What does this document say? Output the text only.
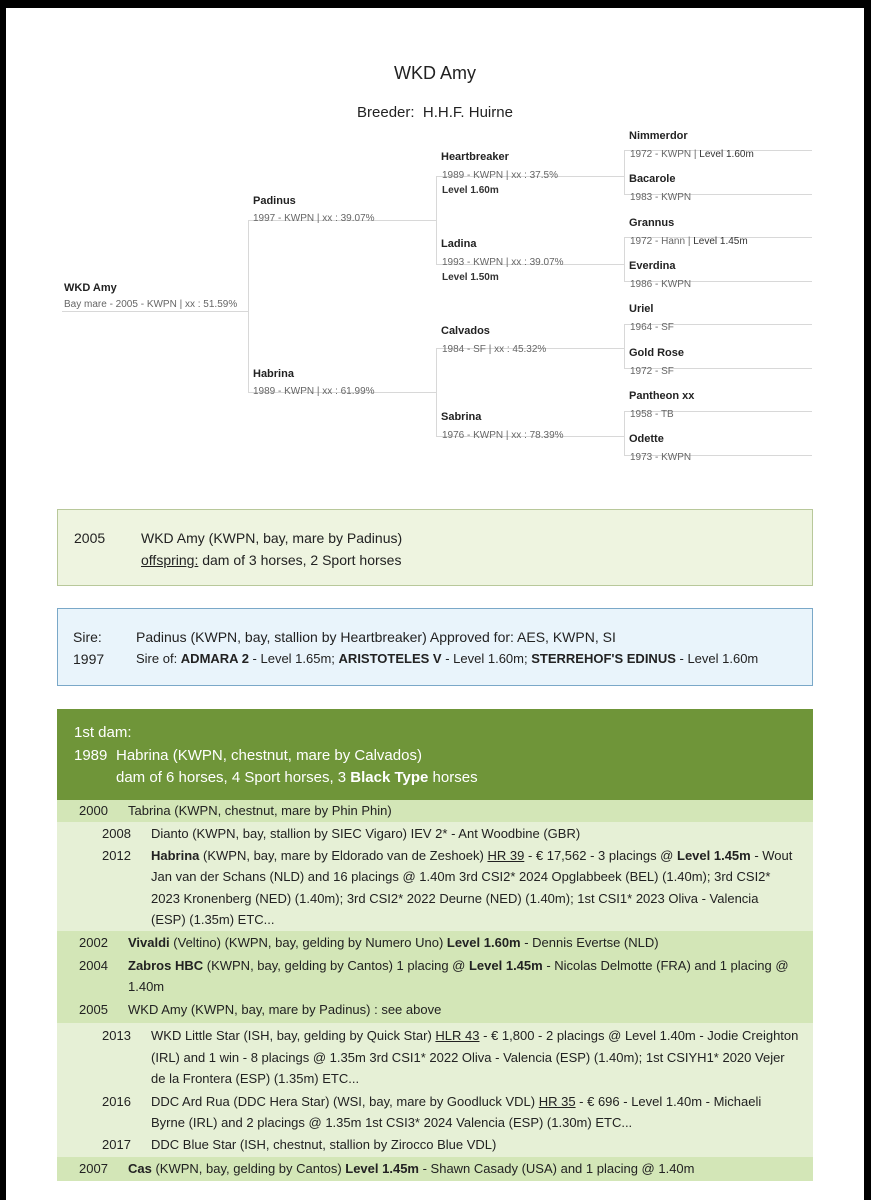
WKD Amy
Breeder: H.H.F. Huirne
WKD Amy
Bay mare - 2005 - KWPN | xx : 51.59%
Padinus
1997 - KWPN | xx : 39.07%
Habrina
1989 - KWPN | xx : 61.99%
Heartbreaker
1989 - KWPN | xx : 37.5%
Level 1.60m
Ladina
1993 - KWPN | xx : 39.07%
Level 1.50m
Calvados
1984 - SF | xx : 45.32%
Sabrina
1976 - KWPN | xx : 78.39%
Nimmerdor
1972 - KWPN | Level 1.60m
Bacarole
1983 - KWPN
Grannus
1972 - Hann | Level 1.45m
Everdina
1986 - KWPN
Uriel
1964 - SF
Gold Rose
1972 - SF
Pantheon xx
1958 - TB
Odette
1973 - KWPN
2005	WKD Amy (KWPN, bay, mare by Padinus)
offspring: dam of 3 horses, 2 Sport horses
Sire:
1997
Padinus (KWPN, bay, stallion by Heartbreaker) Approved for: AES, KWPN, SI
Sire of: ADMARA 2 - Level 1.65m; ARISTOTELES V - Level 1.60m; STERREHOF'S EDINUS - Level 1.60m
1st dam:
1989 Habrina (KWPN, chestnut, mare by Calvados)
dam of 6 horses, 4 Sport horses, 3 Black Type horses
2000 Tabrina (KWPN, chestnut, mare by Phin Phin)
2008 Dianto (KWPN, bay, stallion by SIEC Vigaro) IEV 2* - Ant Woodbine (GBR)
2012 Habrina (KWPN, bay, mare by Eldorado van de Zeshoek) HR 39 - € 17,562 - 3 placings @ Level 1.45m - Wout
Jan van der Schans (NLD) and 16 placings @ 1.40m 3rd CSI2* 2024 Opglabbeek (BEL) (1.40m); 3rd CSI2*
2023 Kronenberg (NED) (1.40m); 3rd CSI2* 2022 Deurne (NED) (1.40m); 1st CSI1* 2023 Oliva - Valencia
(ESP) (1.35m) ETC...
2002 Vivaldi (Veltino) (KWPN, bay, gelding by Numero Uno) Level 1.60m - Dennis Evertse (NLD)
2004 Zabros HBC (KWPN, bay, gelding by Cantos) 1 placing @ Level 1.45m - Nicolas Delmotte (FRA) and 1 placing @
1.40m
2005 WKD Amy (KWPN, bay, mare by Padinus) : see above
2013 WKD Little Star (ISH, bay, gelding by Quick Star) HLR 43 - € 1,800 - 2 placings @ Level 1.40m - Jodie Creighton
(IRL) and 1 win - 8 placings @ 1.35m 3rd CSI1* 2022 Oliva - Valencia (ESP) (1.40m); 1st CSIYH1* 2020 Vejer
de la Frontera (ESP) (1.35m) ETC...
2016 DDC Ard Rua (DDC Hera Star) (WSI, bay, mare by Goodluck VDL) HR 35 - € 696 - Level 1.40m - Michaeli
Byrne (IRL) and 2 placings @ 1.35m 1st CSI3* 2024 Valencia (ESP) (1.30m) ETC...
2017 DDC Blue Star (ISH, chestnut, stallion by Zirocco Blue VDL)
2007 Cas (KWPN, bay, gelding by Cantos) Level 1.45m - Shawn Casady (USA) and 1 placing @ 1.40m
